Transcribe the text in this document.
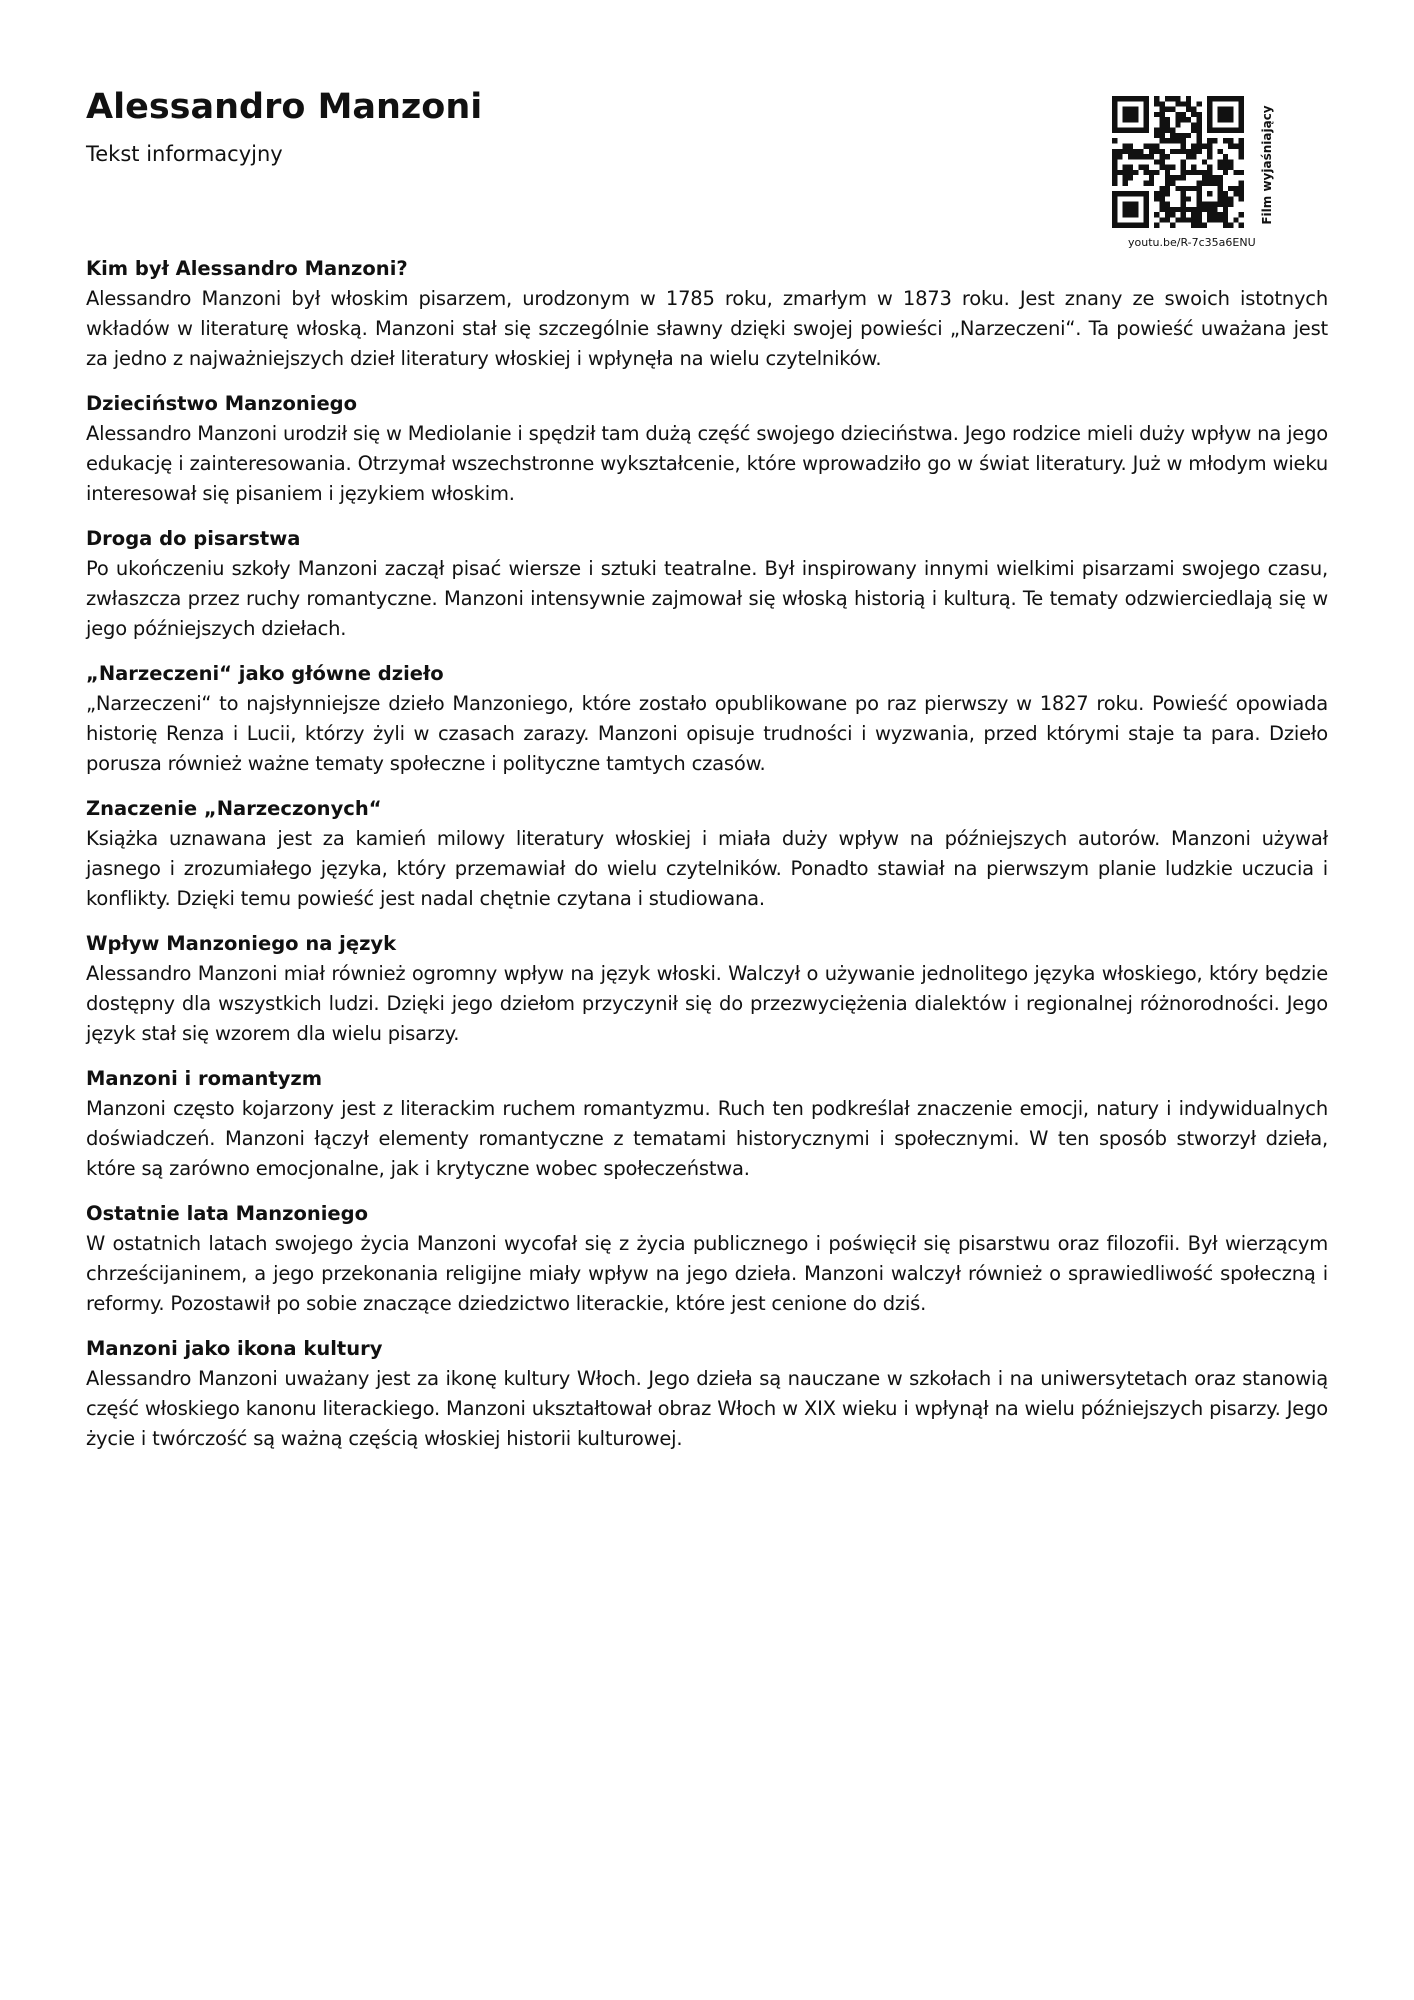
Alessandro Manzoni
Tekst informacyjny	Film wyjaśniający
youtu.be/R-7c35a6ENU
Kim był Alessandro Manzoni?

Alessandro Manzoni był włoskim pisarzem, urodzonym w 1785 roku, zmarłym w 1873 roku. Jest znany ze swoich istotnych wkładów w literaturę włoską. Manzoni stał się szczególnie sławny dzięki swojej powieści „Narzeczeni“. Ta powieść uważana jest za jedno z najważniejszych dzieł literatury włoskiej i wpłynęła na wielu czytelników.

Dzieciństwo Manzoniego

Alessandro Manzoni urodził się w Mediolanie i spędził tam dużą część swojego dzieciństwa. Jego rodzice mieli duży wpływ na jego edukację i zainteresowania. Otrzymał wszechstronne wykształcenie, które wprowadziło go w świat literatury. Już w młodym wieku interesował się pisaniem i językiem włoskim.

Droga do pisarstwa

Po ukończeniu szkoły Manzoni zaczął pisać wiersze i sztuki teatralne. Był inspirowany innymi wielkimi pisarzami swojego czasu, zwłaszcza przez ruchy romantyczne. Manzoni intensywnie zajmował się włoską historią i kulturą. Te tematy odzwierciedlają się w jego późniejszych dziełach.

„Narzeczeni“ jako główne dzieło

„Narzeczeni“ to najsłynniejsze dzieło Manzoniego, które zostało opublikowane po raz pierwszy w 1827 roku. Powieść opowiada historię Renza i Lucii, którzy żyli w czasach zarazy. Manzoni opisuje trudności i wyzwania, przed którymi staje ta para. Dzieło porusza również ważne tematy społeczne i polityczne tamtych czasów.

Znaczenie „Narzeczonych“

Książka uznawana jest za kamień milowy literatury włoskiej i miała duży wpływ na późniejszych autorów. Manzoni używał jasnego i zrozumiałego języka, który przemawiał do wielu czytelników. Ponadto stawiał na pierwszym planie ludzkie uczucia i konflikty. Dzięki temu powieść jest nadal chętnie czytana i studiowana.

Wpływ Manzoniego na język

Alessandro Manzoni miał również ogromny wpływ na język włoski. Walczył o używanie jednolitego języka włoskiego, który będzie dostępny dla wszystkich ludzi. Dzięki jego dziełom przyczynił się do przezwyciężenia dialektów i regionalnej różnorodności. Jego język stał się wzorem dla wielu pisarzy.

Manzoni i romantyzm

Manzoni często kojarzony jest z literackim ruchem romantyzmu. Ruch ten podkreślał znaczenie emocji, natury i indywidualnych doświadczeń. Manzoni łączył elementy romantyczne z tematami historycznymi i społecznymi. W ten sposób stworzył dzieła, które są zarówno emocjonalne, jak i krytyczne wobec społeczeństwa.

Ostatnie lata Manzoniego

W ostatnich latach swojego życia Manzoni wycofał się z życia publicznego i poświęcił się pisarstwu oraz filozofii. Był wierzącym chrześcijaninem, a jego przekonania religijne miały wpływ na jego dzieła. Manzoni walczył również o sprawiedliwość społeczną i reformy. Pozostawił po sobie znaczące dziedzictwo literackie, które jest cenione do dziś.

Manzoni jako ikona kultury

Alessandro Manzoni uważany jest za ikonę kultury Włoch. Jego dzieła są nauczane w szkołach i na uniwersytetach oraz stanowią część włoskiego kanonu literackiego. Manzoni ukształtował obraz Włoch w XIX wieku i wpłynął na wielu późniejszych pisarzy. Jego życie i twórczość są ważną częścią włoskiej historii kulturowej.
